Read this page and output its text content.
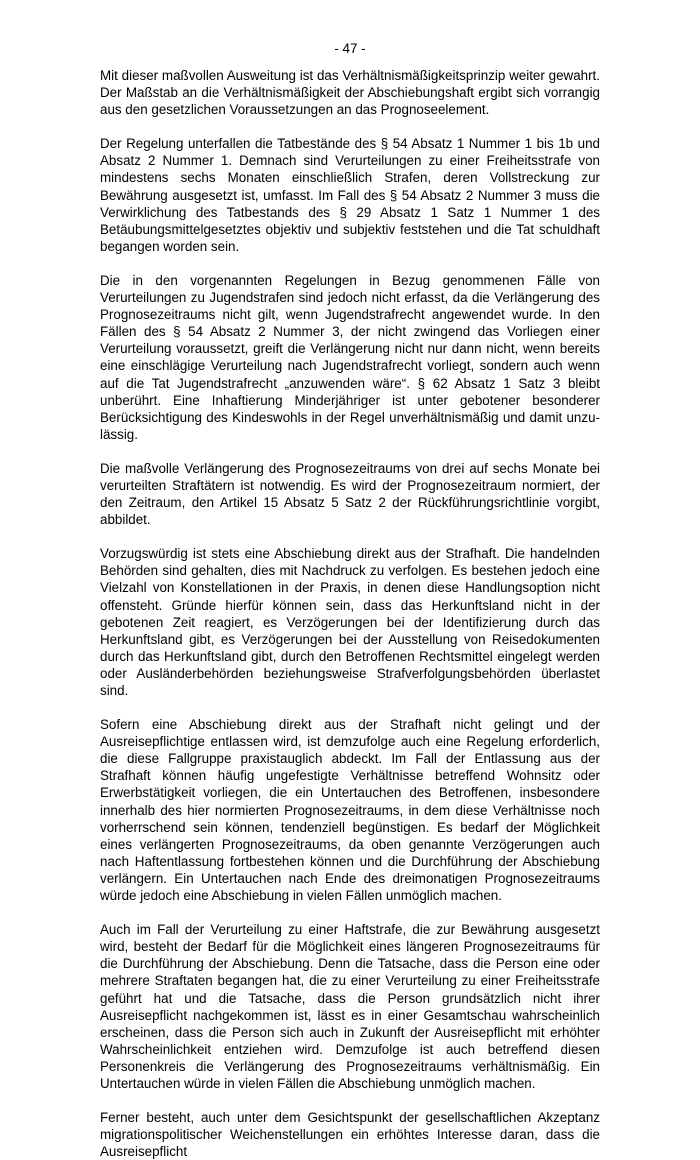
- 47 -

Mit dieser maßvollen Ausweitung ist das Verhältnismäßigkeitsprinzip weiter gewahrt. Der Maßstab an die Verhältnismäßigkeit der Abschiebungshaft ergibt sich vorrangig aus den gesetzlichen Voraussetzungen an das Prognoseelement.

Der Regelung unterfallen die Tatbestände des § 54 Absatz 1 Nummer 1 bis 1b und Absatz 2 Nummer 1. Demnach sind Verurteilungen zu einer Freiheitsstrafe von mindestens sechs Monaten einschließlich Strafen, deren Vollstreckung zur Bewährung ausgesetzt ist, umfasst. Im Fall des § 54 Absatz 2 Nummer 3 muss die Verwirklichung des Tatbestands des § 29 Absatz 1 Satz 1 Nummer 1 des Betäubungsmittelgesetztes objektiv und subjektiv feststehen und die Tat schuldhaft begangen worden sein.

Die in den vorgenannten Regelungen in Bezug genommenen Fälle von Verurteilungen zu Jugendstrafen sind jedoch nicht erfasst, da die Verlängerung des Prognosezeitraums nicht gilt, wenn Jugendstrafrecht angewendet wurde. In den Fällen des § 54 Absatz 2 Nummer 3, der nicht zwingend das Vorliegen einer Verurteilung voraussetzt, greift die Verlängerung nicht nur dann nicht, wenn bereits eine einschlägige Verurteilung nach Jugendstrafrecht vorliegt, sondern auch wenn auf die Tat Jugendstrafrecht „anzuwenden wäre“. § 62 Absatz 1 Satz 3 bleibt unberührt. Eine Inhaftierung Minderjähriger ist unter gebotener besonderer Berücksichtigung des Kindeswohls in der Regel unverhältnismäßig und damit unzulässig.

Die maßvolle Verlängerung des Prognosezeitraums von drei auf sechs Monate bei verurteilten Straftätern ist notwendig. Es wird der Prognosezeitraum normiert, der den Zeitraum, den Artikel 15 Absatz 5 Satz 2 der Rückführungsrichtlinie vorgibt, abbildet.

Vorzugswürdig ist stets eine Abschiebung direkt aus der Strafhaft. Die handelnden Behörden sind gehalten, dies mit Nachdruck zu verfolgen. Es bestehen jedoch eine Vielzahl von Konstellationen in der Praxis, in denen diese Handlungsoption nicht offensteht. Gründe hierfür können sein, dass das Herkunftsland nicht in der gebotenen Zeit reagiert, es Verzögerungen bei der Identifizierung durch das Herkunftsland gibt, es Verzögerungen bei der Ausstellung von Reisedokumenten durch das Herkunftsland gibt, durch den Betroffenen Rechtsmittel eingelegt werden oder Ausländerbehörden beziehungsweise Strafverfolgungsbehörden überlastet sind.

Sofern eine Abschiebung direkt aus der Strafhaft nicht gelingt und der Ausreisepflichtige entlassen wird, ist demzufolge auch eine Regelung erforderlich, die diese Fallgruppe praxistauglich abdeckt. Im Fall der Entlassung aus der Strafhaft können häufig ungefestigte Verhältnisse betreffend Wohnsitz oder Erwerbstätigkeit vorliegen, die ein Untertauchen des Betroffenen, insbesondere innerhalb des hier normierten Prognosezeitraums, in dem diese Verhältnisse noch vorherrschend sein können, tendenziell begünstigen. Es bedarf der Möglichkeit eines verlängerten Prognosezeitraums, da oben genannte Verzögerungen auch nach Haftentlassung fortbestehen können und die Durchführung der Abschiebung verlängern. Ein Untertauchen nach Ende des dreimonatigen Prognosezeitraums würde jedoch eine Abschiebung in vielen Fällen unmöglich machen.

Auch im Fall der Verurteilung zu einer Haftstrafe, die zur Bewährung ausgesetzt wird, besteht der Bedarf für die Möglichkeit eines längeren Prognosezeitraums für die Durchführung der Abschiebung. Denn die Tatsache, dass die Person eine oder mehrere Straftaten begangen hat, die zu einer Verurteilung zu einer Freiheitsstrafe geführt hat und die Tatsache, dass die Person grundsätzlich nicht ihrer Ausreisepflicht nachgekommen ist, lässt es in einer Gesamtschau wahrscheinlich erscheinen, dass die Person sich auch in Zukunft der Ausreisepflicht mit erhöhter Wahrscheinlichkeit entziehen wird. Demzufolge ist auch betreffend diesen Personenkreis die Verlängerung des Prognosezeitraums verhältnismäßig. Ein Untertauchen würde in vielen Fällen die Abschiebung unmöglich machen.

Ferner besteht, auch unter dem Gesichtspunkt der gesellschaftlichen Akzeptanz migrationspolitischer Weichenstellungen ein erhöhtes Interesse daran, dass die Ausreisepflicht
